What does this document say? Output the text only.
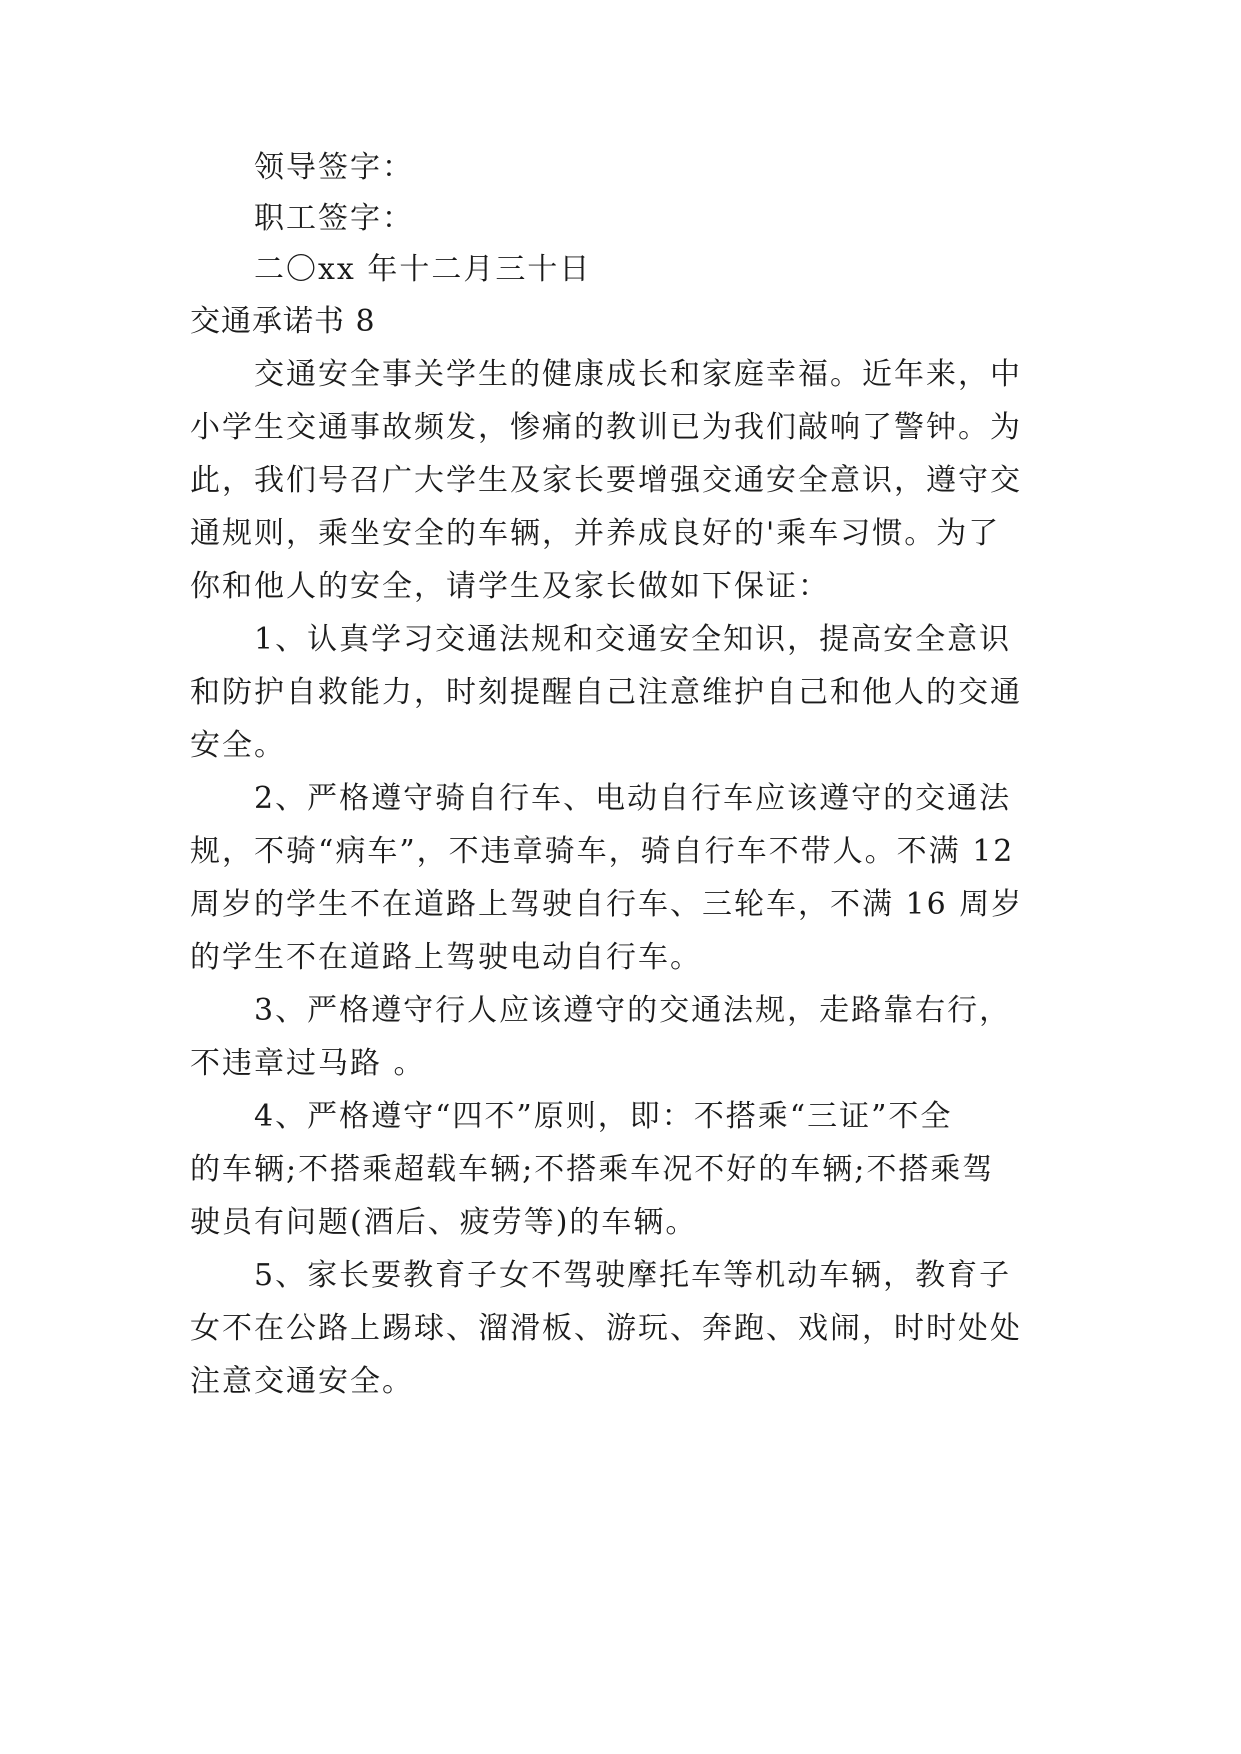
领导签字：
职工签字：
二〇xx 年十二月三十日
交通承诺书 8
交通安全事关学生的健康成长和家庭幸福。近年来，中
小学生交通事故频发，惨痛的教训已为我们敲响了警钟。为
此，我们号召广大学生及家长要增强交通安全意识，遵守交
通规则，乘坐安全的车辆，并养成良好的'乘车习惯。为了
你和他人的安全，请学生及家长做如下保证：
1、认真学习交通法规和交通安全知识，提高安全意识
和防护自救能力，时刻提醒自己注意维护自己和他人的交通
安全。
2、严格遵守骑自行车、电动自行车应该遵守的交通法
规，不骑“病车”，不违章骑车，骑自行车不带人。不满 12
周岁的学生不在道路上驾驶自行车、三轮车，不满 16 周岁
的学生不在道路上驾驶电动自行车。
3、严格遵守行人应该遵守的交通法规，走路靠右行，
不违章过马路 。
4、严格遵守“四不”原则，即：不搭乘“三证”不全
的车辆;不搭乘超载车辆;不搭乘车况不好的车辆;不搭乘驾
驶员有问题(酒后、疲劳等)的车辆。
5、家长要教育子女不驾驶摩托车等机动车辆，教育子
女不在公路上踢球、溜滑板、游玩、奔跑、戏闹，时时处处
注意交通安全。
